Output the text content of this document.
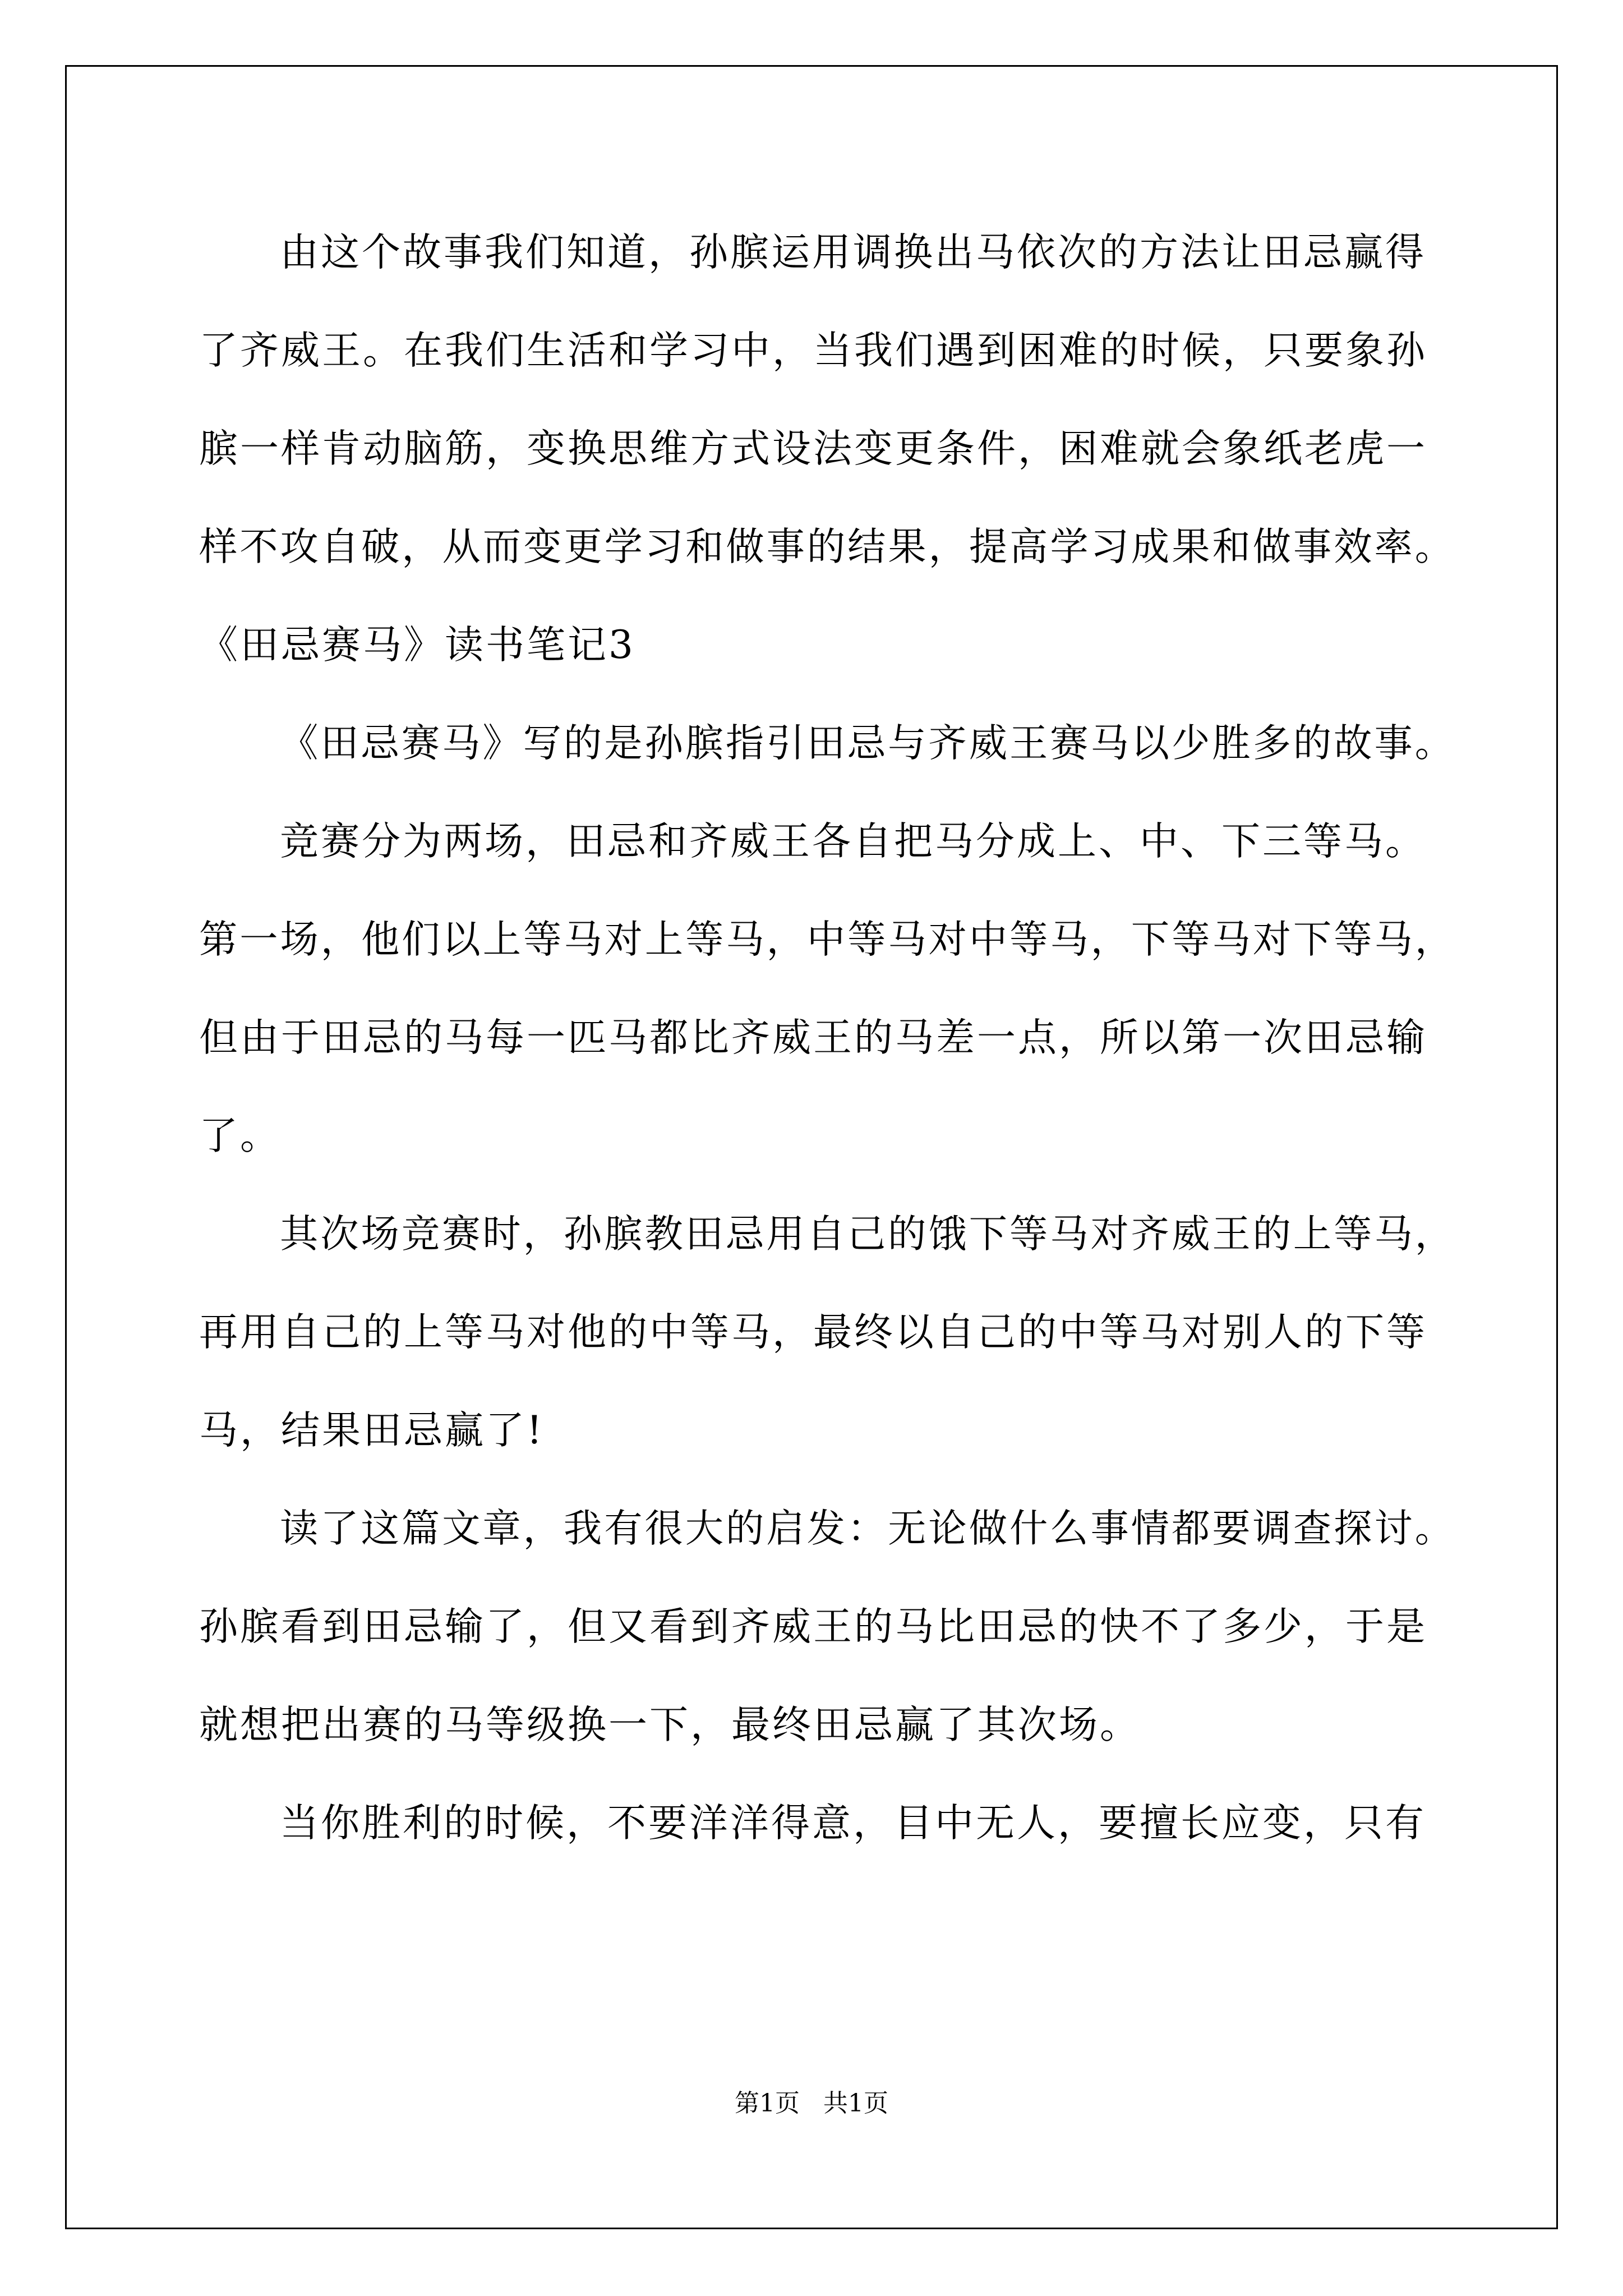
由这个故事我们知道，孙膑运用调换出马依次的方法让田忌赢得
了齐威王。在我们生活和学习中，当我们遇到困难的时候，只要象孙
膑一样肯动脑筋，变换思维方式设法变更条件，困难就会象纸老虎一
样不攻自破，从而变更学习和做事的结果，提高学习成果和做事效率。
《田忌赛马》读书笔记3
《田忌赛马》写的是孙膑指引田忌与齐威王赛马以少胜多的故事。
竞赛分为两场，田忌和齐威王各自把马分成上、中、下三等马。
第一场，他们以上等马对上等马，中等马对中等马，下等马对下等马，
但由于田忌的马每一匹马都比齐威王的马差一点，所以第一次田忌输
了。
其次场竞赛时，孙膑教田忌用自己的饿下等马对齐威王的上等马，
再用自己的上等马对他的中等马，最终以自己的中等马对别人的下等
马，结果田忌赢了!
读了这篇文章，我有很大的启发：无论做什么事情都要调查探讨。
孙膑看到田忌输了，但又看到齐威王的马比田忌的快不了多少，于是
就想把出赛的马等级换一下，最终田忌赢了其次场。
当你胜利的时候，不要洋洋得意，目中无人，要擅长应变，只有
第1页   共1页
